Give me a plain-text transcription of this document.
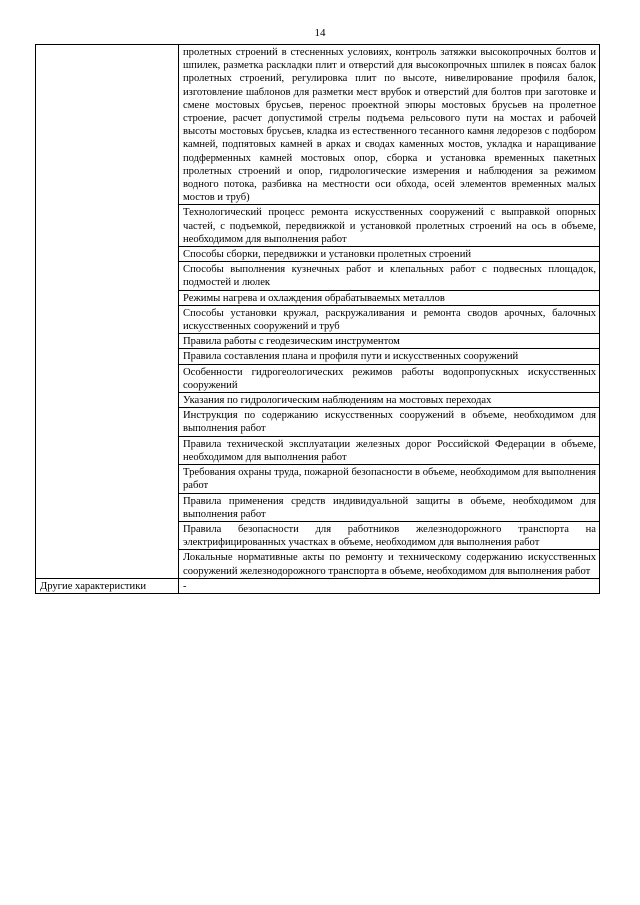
14
	пролетных строений в стесненных условиях, контроль затяжки высокопрочных болтов и шпилек, разметка раскладки плит и отверстий для высокопрочных шпилек в поясах балок пролетных строений, регулировка плит по высоте, нивелирование профиля балок, изготовление шаблонов для разметки мест врубок и отверстий для болтов при заготовке и смене мостовых брусьев, перенос проектной эпюры мостовых брусьев на пролетное строение, расчет допустимой стрелы подъема рельсового пути на мостах и рабочей высоты мостовых брусьев, кладка из естественного тесанного камня ледорезов с подбором камней, подпятовых камней в арках и сводах каменных мостов, укладка и наращивание подферменных камней мостовых опор, сборка и установка временных пакетных пролетных строений и опор, гидрологические измерения и наблюдения за режимом водного потока, разбивка на местности оси обхода, осей элементов временных малых мостов и труб)
	Технологический процесс ремонта искусственных сооружений с выправкой опорных частей, с подъемкой, передвижкой и установкой пролетных строений на ось в объеме, необходимом для выполнения работ
	Способы сборки, передвижки и установки пролетных строений
	Способы выполнения кузнечных работ и клепальных работ с подвесных площадок, подмостей и люлек
	Режимы нагрева и охлаждения обрабатываемых металлов
	Способы установки кружал, раскружаливания и ремонта сводов арочных, балочных искусственных сооружений и труб
	Правила работы с геодезическим инструментом
	Правила составления плана и профиля пути и искусственных сооружений
	Особенности гидрогеологических режимов работы водопропускных искусственных сооружений
	Указания по гидрологическим наблюдениям на мостовых переходах
	Инструкция по содержанию искусственных сооружений в объеме, необходимом для выполнения работ
	Правила технической эксплуатации железных дорог Российской Федерации в объеме, необходимом для выполнения работ
	Требования охраны труда, пожарной безопасности в объеме, необходимом для выполнения работ
	Правила применения средств индивидуальной защиты в объеме, необходимом для выполнения работ
	Правила безопасности для работников железнодорожного транспорта на электрифицированных участках в объеме, необходимом для выполнения работ
	Локальные нормативные акты по ремонту и техническому содержанию искусственных сооружений железнодорожного транспорта в объеме, необходимом для выполнения работ
Другие характеристики	-
